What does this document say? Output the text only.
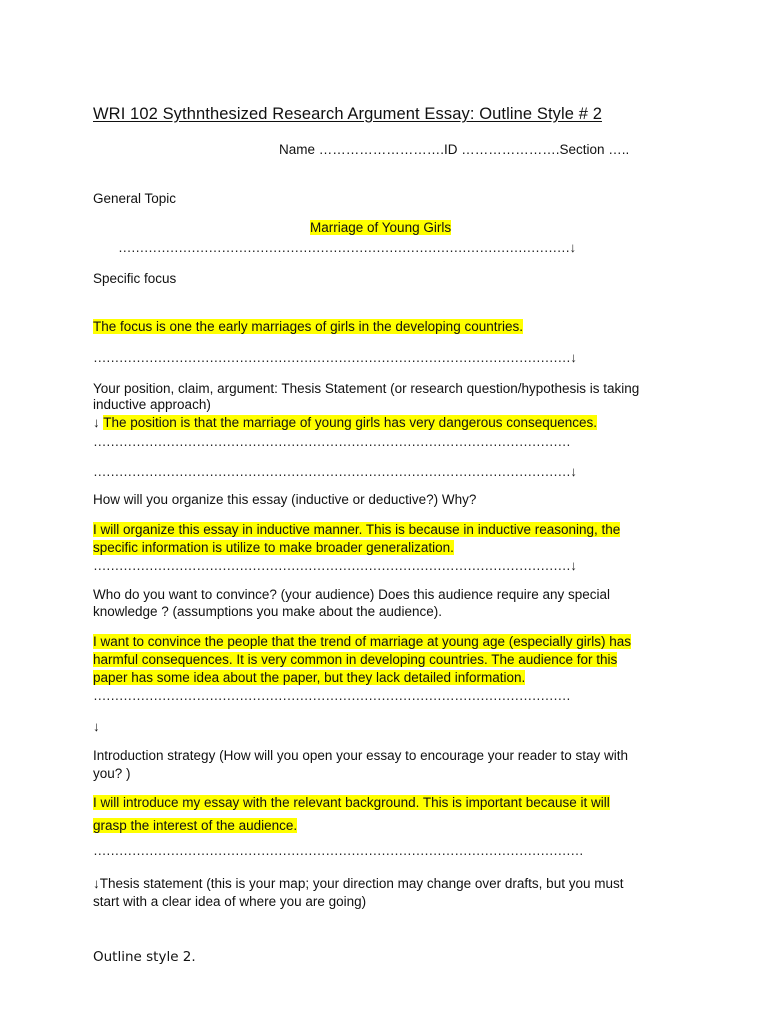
WRI 102 Sythnthesized Research Argument Essay: Outline Style # 2
Name ……………………….ID ………………….Section …..
General Topic
Marriage of Young Girls
……………………………………………………………………………………………↓
Specific focus
The focus is one the early marriages of girls in the developing countries.
…………………………………………………………………………………………………↓
Your position, claim, argument: Thesis Statement (or research question/hypothesis is taking
inductive approach)
↓ The position is that the marriage of young girls has very dangerous consequences.
…………………………………………………………………………………………………
…………………………………………………………………………………………………↓
How will you organize this essay (inductive or deductive?) Why?
I will organize this essay in inductive manner. This is because in inductive reasoning, the
specific information is utilize to make broader generalization.
…………………………………………………………………………………………………↓
Who do you want to convince? (your audience) Does this audience require any special
knowledge ? (assumptions you make about the audience).
I want to convince the people that the trend of marriage at young age (especially girls) has
harmful consequences. It is very common in developing countries. The audience for this
paper has some idea about the paper, but they lack detailed information.
…………………………………………………………………………………………………
↓
Introduction strategy (How will you open your essay to encourage your reader to stay with
you? )
I will introduce my essay with the relevant background. This is important because it will
grasp the interest of the audience.
……………………………………………………………………………………………………
↓Thesis statement (this is your map; your direction may change over drafts, but you must
start with a clear idea of where you are going)
Outline style 2.
